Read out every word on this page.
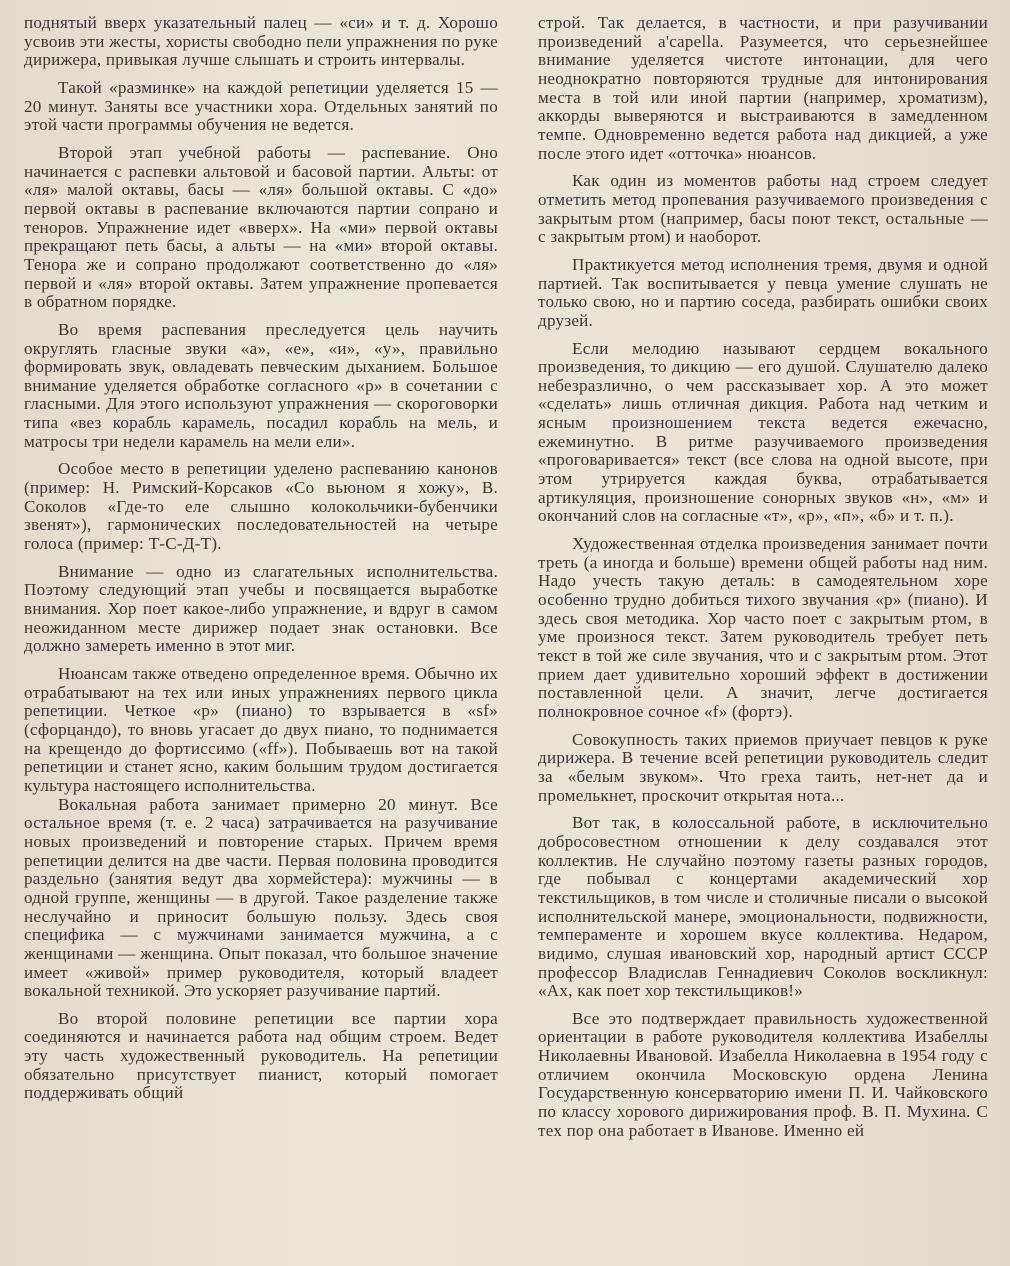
поднятый вверх указательный палец — «си» и т. д. Хорошо усвоив эти жесты, хористы свободно пели упражнения по руке дирижера, привыкая лучше слышать и строить интервалы.

Такой «разминке» на каждой репетиции уделяется 15 — 20 минут. Заняты все участники хора. Отдельных занятий по этой части программы обучения не ведется.

Второй этап учебной работы — распевание. Оно начинается с распевки альтовой и басовой партии. Альты: от «ля» малой октавы, басы — «ля» большой октавы. С «до» первой октавы в распевание включаются партии сопрано и теноров. Упражнение идет «вверх». На «ми» первой октавы прекращают петь басы, а альты — на «ми» второй октавы. Тенора же и сопрано продолжают соответственно до «ля» первой и «ля» второй октавы. Затем упражнение пропевается в обратном порядке.

Во время распевания преследуется цель научить округлять гласные звуки «а», «е», «и», «у», правильно формировать звук, овладевать певческим дыханием. Большое внимание уделяется обработке согласного «р» в сочетании с гласными. Для этого используют упражнения — скороговорки типа «вез корабль карамель, посадил корабль на мель, и матросы три недели карамель на мели ели».

Особое место в репетиции уделено распеванию канонов (пример: Н. Римский-Корсаков «Со вьюном я хожу», В. Соколов «Где-то еле слышно колокольчики-бубенчики звенят»), гармонических последовательностей на четыре голоса (пример: Т-С-Д-Т).

Внимание — одно из слагательных исполнительства. Поэтому следующий этап учебы и посвящается выработке внимания. Хор поет какое-либо упражнение, и вдруг в самом неожиданном месте дирижер подает знак остановки. Все должно замереть именно в этот миг.

Нюансам также отведено определенное время. Обычно их отрабатывают на тех или иных упражнениях первого цикла репетиции. Четкое «р» (пиано) то взрывается в «sf» (сфорцандо), то вновь угасает до двух пиано, то поднимается на крещендо до фортиссимо («ff»). Побываешь вот на такой репетиции и станет ясно, каким большим трудом достигается культура настоящего исполнительства.

Вокальная работа занимает примерно 20 минут. Все остальное время (т. е. 2 часа) затрачивается на разучивание новых произведений и повторение старых. Причем время репетиции делится на две части. Первая половина проводится раздельно (занятия ведут два хормейстера): мужчины — в одной группе, женщины — в другой. Такое разделение также неслучайно и приносит большую пользу. Здесь своя специфика — с мужчинами занимается мужчина, а с женщинами — женщина. Опыт показал, что большое значение имеет «живой» пример руководителя, который владеет вокальной техникой. Это ускоряет разучивание партий.

Во второй половине репетиции все партии хора соединяются и начинается работа над общим строем. Ведет эту часть художественный руководитель. На репетиции обязательно присутствует пианист, который помогает поддерживать общий

строй. Так делается, в частности, и при разучивании произведений a'capella. Разумеется, что серьезнейшее внимание уделяется чистоте интонации, для чего неоднократно повторяются трудные для интонирования места в той или иной партии (например, хроматизм), аккорды выверяются и выстраиваются в замедленном темпе. Одновременно ведется работа над дикцией, а уже после этого идет «отточка» нюансов.

Как один из моментов работы над строем следует отметить метод пропевания разучиваемого произведения с закрытым ртом (например, басы поют текст, остальные — с закрытым ртом) и наоборот.

Практикуется метод исполнения тремя, двумя и одной партией. Так воспитывается у певца умение слушать не только свою, но и партию соседа, разбирать ошибки своих друзей.

Если мелодию называют сердцем вокального произведения, то дикцию — его душой. Слушателю далеко небезразлично, о чем рассказывает хор. А это может «сделать» лишь отличная дикция. Работа над четким и ясным произношением текста ведется ежечасно, ежеминутно. В ритме разучиваемого произведения «проговаривается» текст (все слова на одной высоте, при этом утрируется каждая буква, отрабатывается артикуляция, произношение сонорных звуков «н», «м» и окончаний слов на согласные «т», «р», «п», «б» и т. п.).

Художественная отделка произведения занимает почти треть (а иногда и больше) времени общей работы над ним. Надо учесть такую деталь: в самодеятельном хоре особенно трудно добиться тихого звучания «р» (пиано). И здесь своя методика. Хор часто поет с закрытым ртом, в уме произнося текст. Затем руководитель требует петь текст в той же силе звучания, что и с закрытым ртом. Этот прием дает удивительно хороший эффект в достижении поставленной цели. А значит, легче достигается полнокровное сочное «f» (фортэ).

Совокупность таких приемов приучает певцов к руке дирижера. В течение всей репетиции руководитель следит за «белым звуком». Что греха таить, нет-нет да и промелькнет, проскочит открытая нота...

Вот так, в колоссальной работе, в исключительно добросовестном отношении к делу создавался этот коллектив. Не случайно поэтому газеты разных городов, где побывал с концертами академический хор текстильщиков, в том числе и столичные писали о высокой исполнительской манере, эмоциональности, подвижности, темпераменте и хорошем вкусе коллектива. Недаром, видимо, слушая ивановский хор, народный артист СССР профессор Владислав Геннадиевич Соколов воскликнул: «Ах, как поет хор текстильщиков!»

Все это подтверждает правильность художественной ориентации в работе руководителя коллектива Изабеллы Николаевны Ивановой. Изабелла Николаевна в 1954 году с отличием окончила Московскую ордена Ленина Государственную консерваторию имени П. И. Чайковского по классу хорового дирижирования проф. В. П. Мухина. С тех пор она работает в Иванове. Именно ей
